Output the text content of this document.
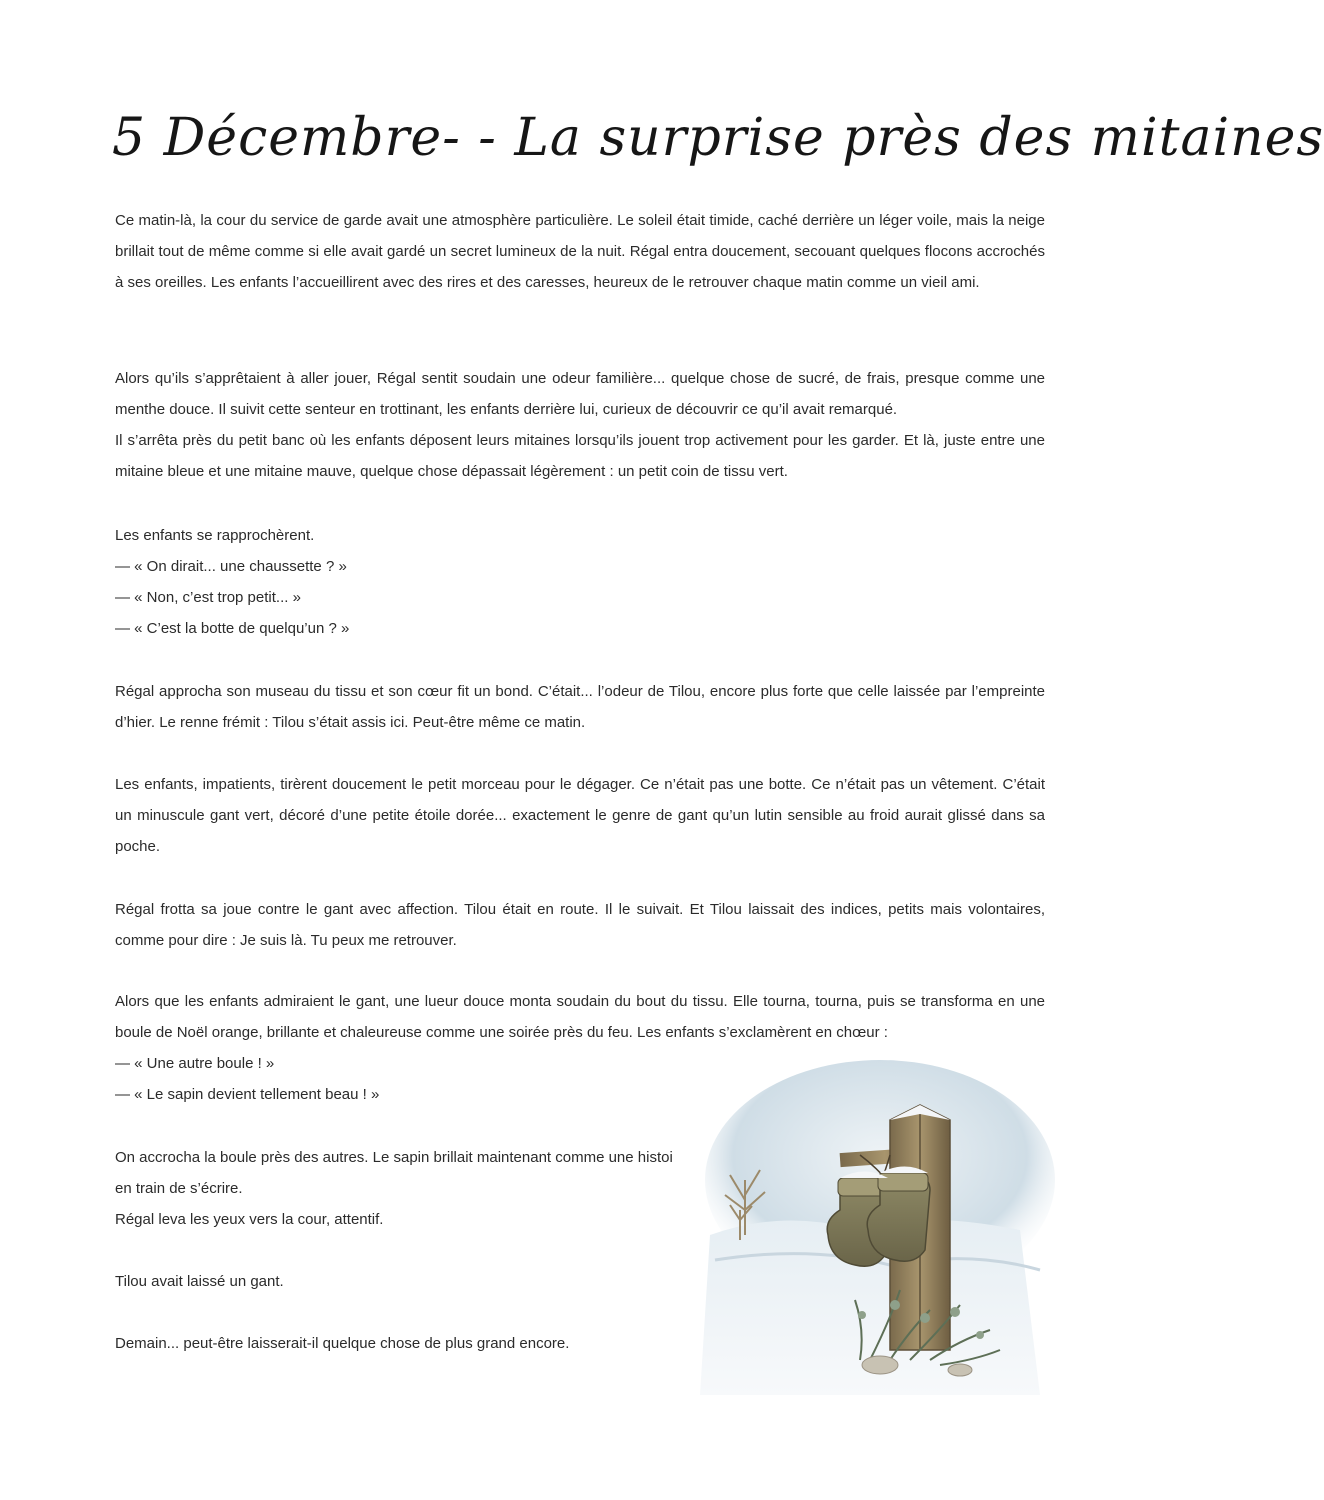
5 Décembre- - La surprise près des mitaines

Ce matin-là, la cour du service de garde avait une atmosphère particulière. Le soleil était timide, caché derrière un léger voile, mais la neige brillait tout de même comme si elle avait gardé un secret lumineux de la nuit. Régal entra doucement, secouant quelques flocons accrochés à ses oreilles. Les enfants l’accueillirent avec des rires et des caresses, heureux de le retrouver chaque matin comme un vieil ami.

Alors qu’ils s’apprêtaient à aller jouer, Régal sentit soudain une odeur familière... quelque chose de sucré, de frais, presque comme une menthe douce. Il suivit cette senteur en trottinant, les enfants derrière lui, curieux de découvrir ce qu’il avait remarqué.

Il s’arrêta près du petit banc où les enfants déposent leurs mitaines lorsqu’ils jouent trop activement pour les garder. Et là, juste entre une mitaine bleue et une mitaine mauve, quelque chose dépassait légèrement : un petit coin de tissu vert.

Les enfants se rapprochèrent.
— « On dirait... une chaussette ? »
— « Non, c’est trop petit... »
— « C’est la botte de quelqu’un ? »

Régal approcha son museau du tissu et son cœur fit un bond. C’était... l’odeur de Tilou, encore plus forte que celle laissée par l’empreinte d’hier. Le renne frémit : Tilou s’était assis ici. Peut-être même ce matin.

Les enfants, impatients, tirèrent doucement le petit morceau pour le dégager. Ce n’était pas une botte. Ce n’était pas un vêtement. C’était un minuscule gant vert, décoré d’une petite étoile dorée... exactement le genre de gant qu’un lutin sensible au froid aurait glissé dans sa poche.

Régal frotta sa joue contre le gant avec affection. Tilou était en route. Il le suivait. Et Tilou laissait des indices, petits mais volontaires, comme pour dire : Je suis là. Tu peux me retrouver.

Alors que les enfants admiraient le gant, une lueur douce monta soudain du bout du tissu. Elle tourna, tourna, puis se transforma en une boule de Noël orange, brillante et chaleureuse comme une soirée près du feu. Les enfants s’exclamèrent en chœur :

— « Une autre boule ! »
— « Le sapin devient tellement beau ! »
On accrocha la boule près des autres. Le sapin brillait maintenant comme une histoi
en train de s’écrire.
Régal leva les yeux vers la cour, attentif.
Tilou avait laissé un gant.
Demain... peut-être laisserait-il quelque chose de plus grand encore.
